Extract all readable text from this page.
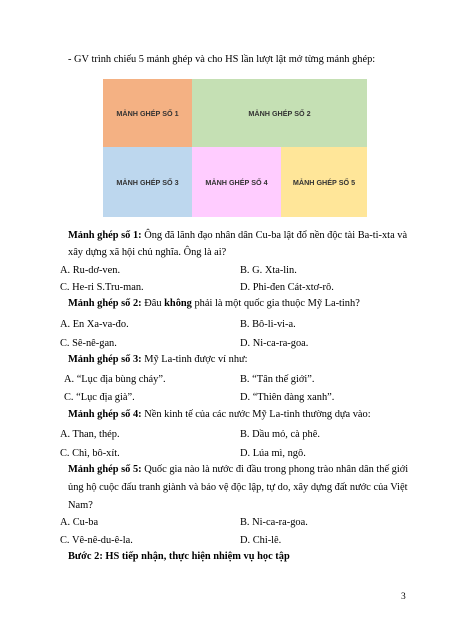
- GV trình chiếu 5 mảnh ghép và cho HS lần lượt lật mở từng mảnh ghép:
MẢNH GHÉP SỐ 1	MẢNH GHÉP SỐ 2
MẢNH GHÉP SỐ 3	MẢNH GHÉP SỐ 4	MẢNH GHÉP SỐ 5
Mảnh ghép số 1: Ông đã lãnh đạo nhân dân Cu-ba lật đổ nền độc tài Ba-ti-xta và
xây dựng xã hội chủ nghĩa. Ông là ai?
A. Ru-dơ-ven.	B. G. Xta-lin.
C. He-ri S.Tru-man.	D. Phi-đen Cát-xtơ-rô.
Mảnh ghép số 2: Đâu không phải là một quốc gia thuộc Mỹ La-tinh?
A. En Xa-va-đo.	B. Bô-li-vi-a.
C. Sê-nê-gan.	D. Ni-ca-ra-goa.
Mảnh ghép số 3: Mỹ La-tinh được ví như:
A. “Lục địa bùng cháy”.	B. “Tân thế giới”.
C. “Lục địa già”.	D. “Thiên đàng xanh”.
Mảnh ghép số 4: Nền kinh tế của các nước Mỹ La-tinh thường dựa vào:
A. Than, thép.	B. Dầu mỏ, cà phê.
C. Chì, bô-xít.	D. Lúa mì, ngô.
Mảnh ghép số 5: Quốc gia nào là nước đi đầu trong phong trào nhân dân thế giới
ủng hộ cuộc đấu tranh giành và bảo vệ độc lập, tự do, xây dựng đất nước của Việt
Nam?
A. Cu-ba	B. Ni-ca-ra-goa.
C. Vê-nê-du-ê-la.	D. Chi-lê.
Bước 2: HS tiếp nhận, thực hiện nhiệm vụ học tập
3
